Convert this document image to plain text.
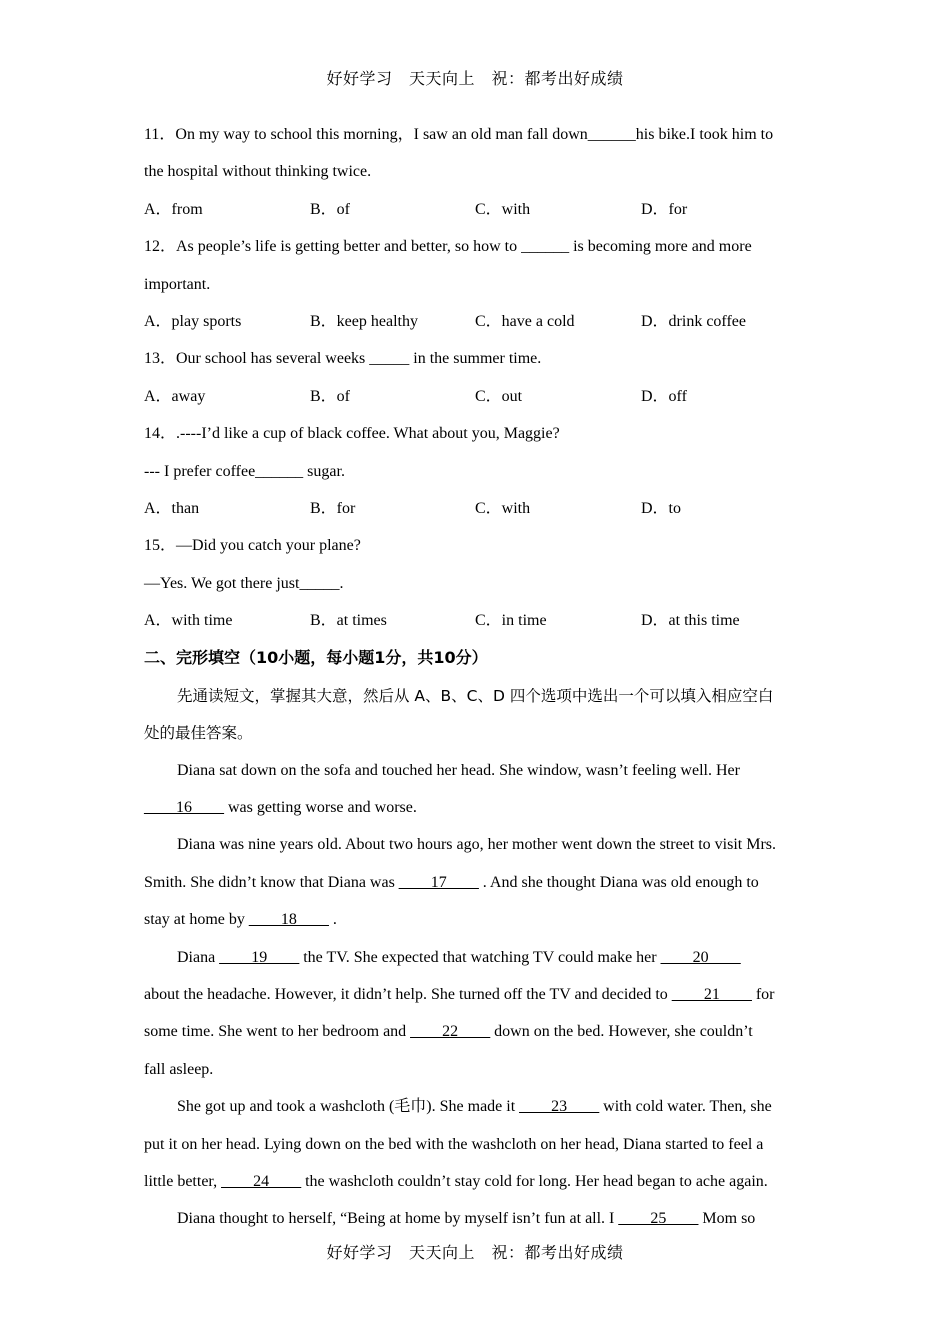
好好学习　天天向上　祝：都考出好成绩
11．On my way to school this morning，I saw an old man fall down______his bike.I took him to
the hospital without thinking twice.
A．from	B．of	C．with	D．for
12．As people’s life is getting better and better, so how to ______ is becoming more and more
important.
A．play sports	B．keep healthy	C．have a cold	D．drink coffee
13．Our school has several weeks _____ in the summer time.
A．away	B．of	C．out	D．off
14．.----I’d like a cup of black coffee. What about you, Maggie?
--- I prefer coffee______ sugar.
A．than	B．for	C．with	D．to
15．—Did you catch your plane?
—Yes. We got there just_____.
A．with time	B．at times	C．in time	D．at this time
二、完形填空（10小题，每小题1分，共10分）
先通读短文，掌握其大意，然后从 A、B、C、D 四个选项中选出一个可以填入相应空白
处的最佳答案。
Diana sat down on the sofa and touched her head. She window, wasn’t feeling well. Her
____16____ was getting worse and worse.
Diana was nine years old. About two hours ago, her mother went down the street to visit Mrs.
Smith. She didn’t know that Diana was ____17____ . And she thought Diana was old enough to
stay at home by ____18____ .
Diana ____19____ the TV. She expected that watching TV could make her ____20____
about the headache. However, it didn’t help. She turned off the TV and decided to ____21____ for
some time. She went to her bedroom and ____22____ down on the bed. However, she couldn’t
fall asleep.
She got up and took a washcloth (毛巾). She made it ____23____ with cold water. Then, she
put it on her head. Lying down on the bed with the washcloth on her head, Diana started to feel a
little better, ____24____ the washcloth couldn’t stay cold for long. Her head began to ache again.
Diana thought to herself, “Being at home by myself isn’t fun at all. I ____25____ Mom so
好好学习　天天向上　祝：都考出好成绩
